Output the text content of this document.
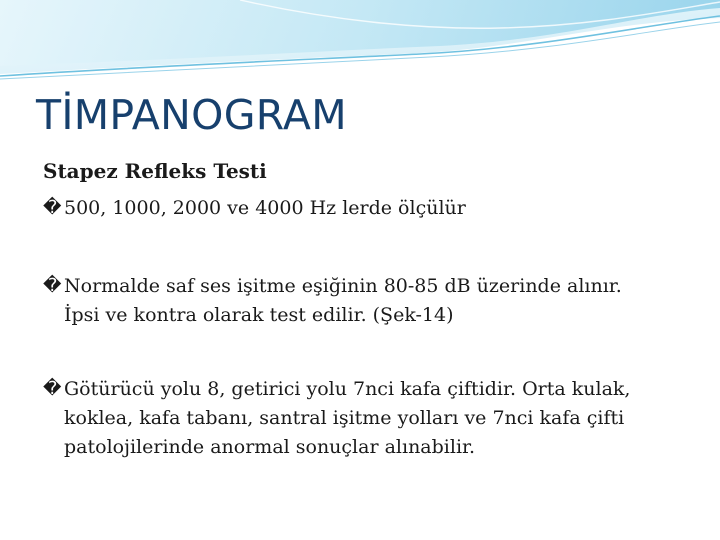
TİMPANOGRAM
Stapez Refleks Testi
� 500, 1000, 2000 ve 4000 Hz lerde ölçülür
� Normalde saf ses işitme eşiğinin 80-85 dB üzerinde alınır. İpsi ve kontra olarak test edilir. (Şek-14)
� Götürücü yolu 8, getirici yolu 7nci kafa çiftidir. Orta kulak, koklea, kafa tabanı, santral işitme yolları ve 7nci kafa çifti patolojilerinde anormal sonuçlar alınabilir.
